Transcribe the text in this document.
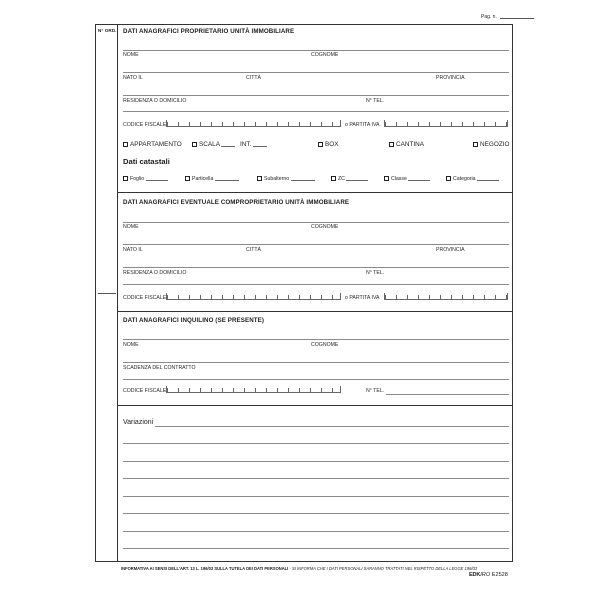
Pag. n.
N° ORD. DATI ANAGRAFICI PROPRIETARIO UNITÀ IMMOBILIARE
NOME	COGNOME
NATO IL	CITTÀ	PROVINCIA
RESIDENZA O DOMICILIO	N° TEL.
CODICE FISCALE	o PARTITA IVA
APPARTAMENTO	SCALA	INT.	BOX	CANTINA	NEGOZIO
Dati catastali
Foglio	Particella	Subalterno	ZC	Classe	Categoria
DATI ANAGRAFICI EVENTUALE COMPROPRIETARIO UNITÀ IMMOBILIARE
NOME	COGNOME
NATO IL	CITTÀ	PROVINCIA
RESIDENZA O DOMICILIO	N° TEL.
CODICE FISCALE	o PARTITA IVA
DATI ANAGRAFICI INQUILINO (SE PRESENTE)
NOME	COGNOME
SCADENZA DEL CONTRATTO
CODICE FISCALE	N° TEL.
Variazioni
INFORMATIVA AI SENSI DELL'ART. 13 L. 196/03 SULLA TUTELA DEI DATI PERSONALI - SI INFORMA CHE I DATI PERSONALI SARANNO TRATTATI NEL RISPETTO DELLA LEGGE 196/03
EDKIRO E2528
